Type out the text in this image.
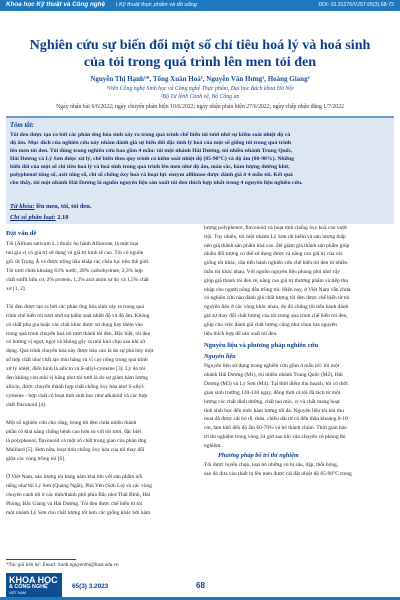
Khoa học Kỹ thuật và Công nghệ | Kỹ thuật thực phẩm và đồ uống	DOI: 10.31276/VJST.65(3).68-72
Nghiên cứu sự biến đổi một số chỉ tiêu hoá lý và hoá sinh
của tỏi trong quá trình lên men tỏi đen
Nguyễn Thị Hạnh¹*, Tống Xuân Hoà¹, Nguyễn Văn Hưng¹, Hoàng Giang²
¹Viện Công nghệ Sinh học và Công nghệ Thực phẩm, Đại học Bách khoa Hà Nội
²Bộ Tư lệnh Cảnh vệ, Bộ Công an
Ngày nhận bài 6/6/2022; ngày chuyển phản biện 10/6/2022; ngày nhận phản biện 27/6/2022; ngày chấp nhận đăng 1/7/2022
Tóm tắt:
Tỏi đen được tạo ra bởi các phản ứng hóa sinh xảy ra trong quá trình chế biến tỏi tươi nhờ sự kiểm soát nhiệt độ và
độ ẩm. Mục đích của nghiên cứu này nhằm đánh giá sự biến đổi đặc tính lý hoá của một số giống tỏi trong quá trình
lên men tỏi đen. Tỏi dùng trong nghiên cứu bao gồm 4 mẫu: tỏi một nhánh Hải Dương, tỏi nhiều nhánh Trung Quốc,
Hải Dương và Lý Sơn được xử lý, chế biến theo quy trình có kiểm soát nhiệt độ (85-90°C) và độ ẩm (80-90%). Những
biến đổi của một số chỉ tiêu hoá lý và hoá sinh trong quá trình lên men như độ ẩm, màu sắc, hàm lượng đường khử,
polyphenol tổng số, axit tổng số, chỉ số chống ôxy hoá và hoạt lực enzym alliinase được đánh giá ở 4 mẫu tỏi. Kết quả
cho thấy, tỏi một nhánh Hải Dương là nguồn nguyên liệu sản xuất tỏi đen thích hợp nhất trong 4 nguyên liệu nghiên cứu.
Từ khóa: lên men, tỏi, tỏi đen.
Chỉ số phân loại: 2.10
Đặt vấn đề
Tỏi (Allium sativum L.) thuộc họ hành Alliaceae, là một loại
rau gia vị có giá trị sử dụng và giá trị kinh tế cao. Tỏi có nguồn
gốc từ Trung Á và được trồng hầu khắp các châu lục trên thế giới.
Tỏi tươi chứa khoảng 63% nước, 28% carbohydrate, 2,3% hợp
chất sulfit hữu cơ, 2% protein, 1,2% axit amin tự do và 1,5% chất
xơ [1, 2].
Tỏi đen được tạo ra bởi các phản ứng hóa sinh xảy ra trong quá
trình chế biến tỏi tươi nhờ sự kiểm soát nhiệt độ và độ ẩm. Không
có chất phụ gia hoặc các chất khác được sử dụng hay thêm vào
trong quá trình chuyển hoá tỏi tươi thành tỏi đen. Đặc biệt, tỏi đen
có hương vị ngọt, ngọt và không gây ra mùi khó chịu sau khi sử
dụng. Quá trình chuyển hóa này được báo cáo là do sự phá hủy một
số hợp chất như chất tạo mùi hăng và vị cay nồng trong quá trình
xử lý nhiệt, điển hình là allicin và S-allyl-cysteine [3]. Lý do tỏi
đen không còn mùi vị hăng như tỏi tươi là do sự giảm hàm lượng
allicin, được chuyển thành hợp chất chống ôxy hóa như S-allyl-
cysteine - hợp chất có hoạt tính sinh học như alkaloid và các hợp
chất flavonoid [4].
Một số nghiên cứu cho rằng, trong tỏi đen chứa nhiều thành
phần có khả năng chống bệnh cao hơn so với tỏi tươi, đặc biệt
là polyphenol, flavonoid và một số chất trung gian của phản ứng
Maillard [5]. Hơn nữa, hoạt tính chống ôxy hóa của tỏi thay đổi
giữa các vùng trồng tỏi [6].
Ở Việt Nam, sản lượng tỏi hàng năm khá lớn với sản phẩm nổi
tiếng như tỏi Lý Sơn (Quảng Ngãi), Phù Yên (Sơn La) và các vùng
chuyên canh tỏi ở các tỉnh/thành phố phía Bắc như Thái Bình, Hải
Phòng, Bắc Giang và Hải Dương. Tỏi đen được chế biến từ tỏi
một nhánh Lý Sơn cho chất lượng tốt hơn các giống khác bởi hàm
lượng polyphenol, flavonoid và hoạt tính chống ôxy hoá cao vượt
trội. Tuy nhiên, tỏi một nhánh Lý Sơn rất hiếm và sản lượng thấp
nên giá thành sản phẩm khá cao. Để giảm giá thành sản phẩm giúp
nhiều đối tượng có thể sử dụng được và nâng cao giá trị của các
giống tỏi khác, cần tiến hành nghiên cứu chế biến tỏi đen từ nhiều
mẫu tỏi khác nhau. Với nguồn nguyên liệu phong phú như vậy
giúp giá thành tỏi đen rẻ, nâng cao giá trị thương phẩm và tiếp thu
nhập cho người nông dân trồng tỏi. Hiện nay, ở Việt Nam vẫn chưa
có nghiên cứu nào đánh giá chất lượng tỏi đen được chế biến từ tỏi
nguyên liệu ở các vùng khác nhau, do đó chúng tôi tiến hành đánh
giá sự thay đổi chất lượng của tỏi trong quá trình chế biến tỏi đen,
giúp cho việc đánh giá chất lượng cũng như chọn lựa nguyên
liệu thích hợp để sản xuất tỏi đen.
Nguyên liệu và phương pháp nghiên cứu
Nguyên liệu
Nguyên liệu sử dụng trong nghiên cứu gồm 4 mẫu tỏi: tỏi một
nhánh Hải Dương (M1), tỏi nhiều nhánh Trung Quốc (M2), Hải
Dương (M3) và Lý Sơn (M4). Tại thời điểm thu hoạch, tỏi có thời
gian sinh trưởng 120-130 ngày, đồng thời cả tỏi đã tách từ một
lượng các chất dinh dưỡng, chất tạo mùi, vị và chất mang hoạt
tính sinh học đến mức hàm lượng tối đa. Nguyên liệu tỏi khi thu
mua đã được cắt bỏ rễ, thân, chiều dài từ củ đến thân khoảng 8-10
cm, làm khô đến độ ẩm 60-70% và bỏ thành chùm. Thời gian bảo
trì thí nghiệm trong vòng 24 giờ sau khi vận chuyển về phòng thí
nghiệm.
Phương pháp bố trí thí nghiệm
Tỏi được tuyển chọn, loại bỏ những củ bị sâu, dập, thối hỏng,
sau đó đưa vào thiết bị lên men được cài đặt nhiệt độ 85-90°C trong
*Tác giả liên hệ: Email: hanh.nguyenthi@hust.edu.vn
KHOA HỌC
& CÔNG NGHỆ
VIỆT NAM
65(3) 3.2023	68
